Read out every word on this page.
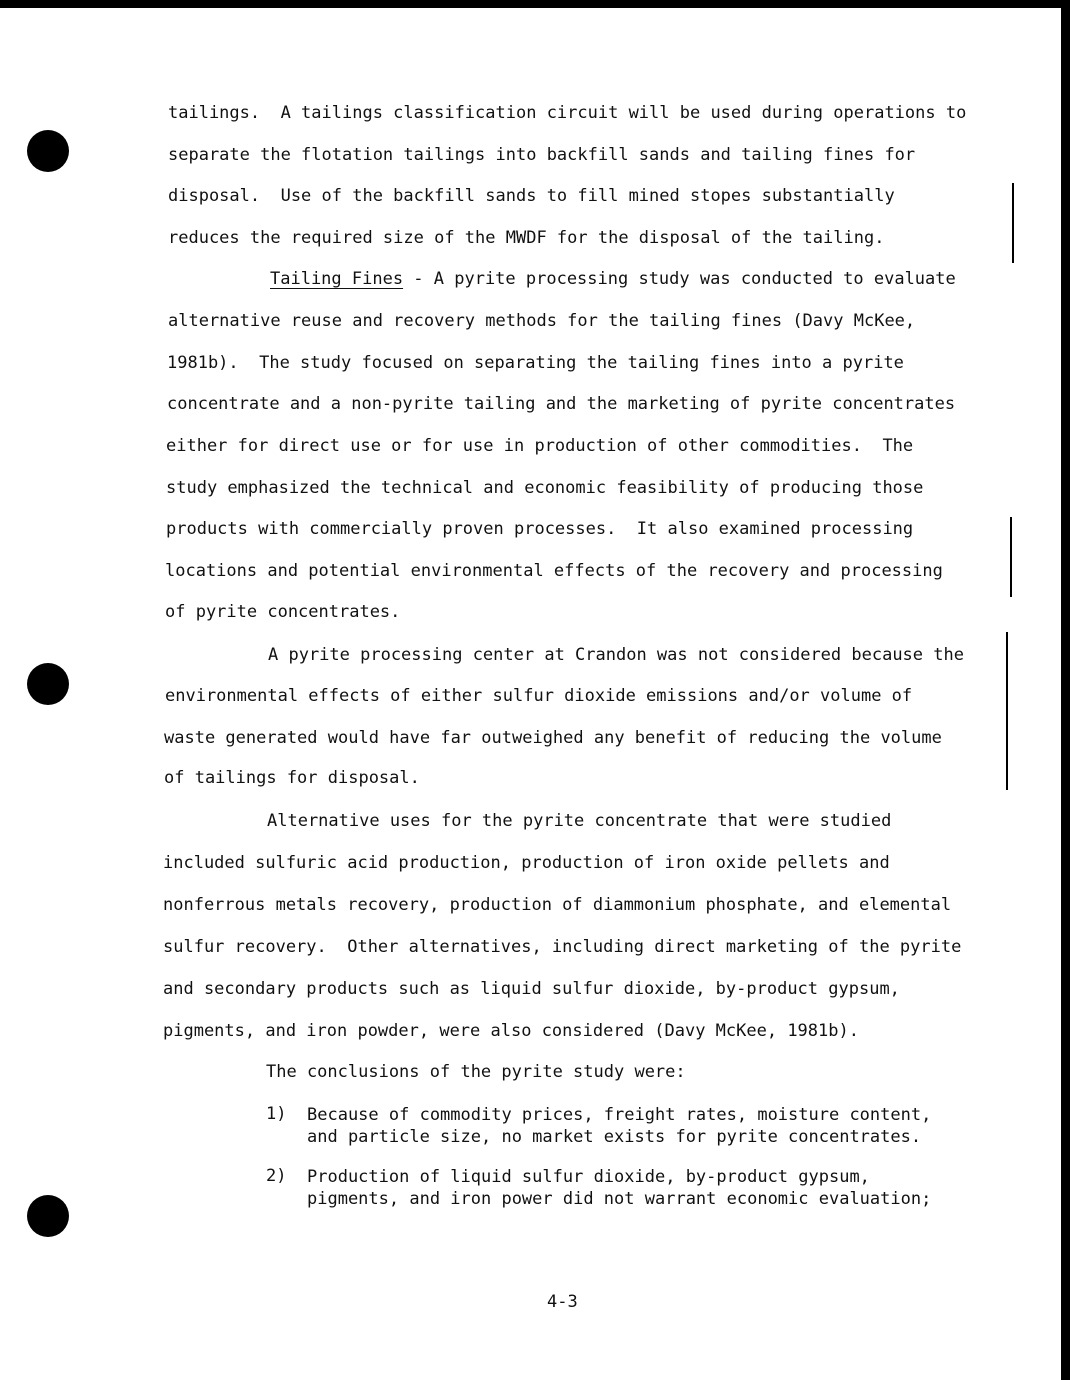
tailings.  A tailings classification circuit will be used during operations to
separate the flotation tailings into backfill sands and tailing fines for
disposal.  Use of the backfill sands to fill mined stopes substantially
reduces the required size of the MWDF for the disposal of the tailing.
Tailing Fines - A pyrite processing study was conducted to evaluate
alternative reuse and recovery methods for the tailing fines (Davy McKee,
1981b).  The study focused on separating the tailing fines into a pyrite
concentrate and a non-pyrite tailing and the marketing of pyrite concentrates
either for direct use or for use in production of other commodities.  The
study emphasized the technical and economic feasibility of producing those
products with commercially proven processes.  It also examined processing
locations and potential environmental effects of the recovery and processing
of pyrite concentrates.
A pyrite processing center at Crandon was not considered because the
environmental effects of either sulfur dioxide emissions and/or volume of
waste generated would have far outweighed any benefit of reducing the volume
of tailings for disposal.
Alternative uses for the pyrite concentrate that were studied
included sulfuric acid production, production of iron oxide pellets and
nonferrous metals recovery, production of diammonium phosphate, and elemental
sulfur recovery.  Other alternatives, including direct marketing of the pyrite
and secondary products such as liquid sulfur dioxide, by-product gypsum,
pigments, and iron powder, were also considered (Davy McKee, 1981b).
The conclusions of the pyrite study were:
1) Because of commodity prices, freight rates, moisture content,
and particle size, no market exists for pyrite concentrates.
2) Production of liquid sulfur dioxide, by-product gypsum,
pigments, and iron power did not warrant economic evaluation;
4-3
